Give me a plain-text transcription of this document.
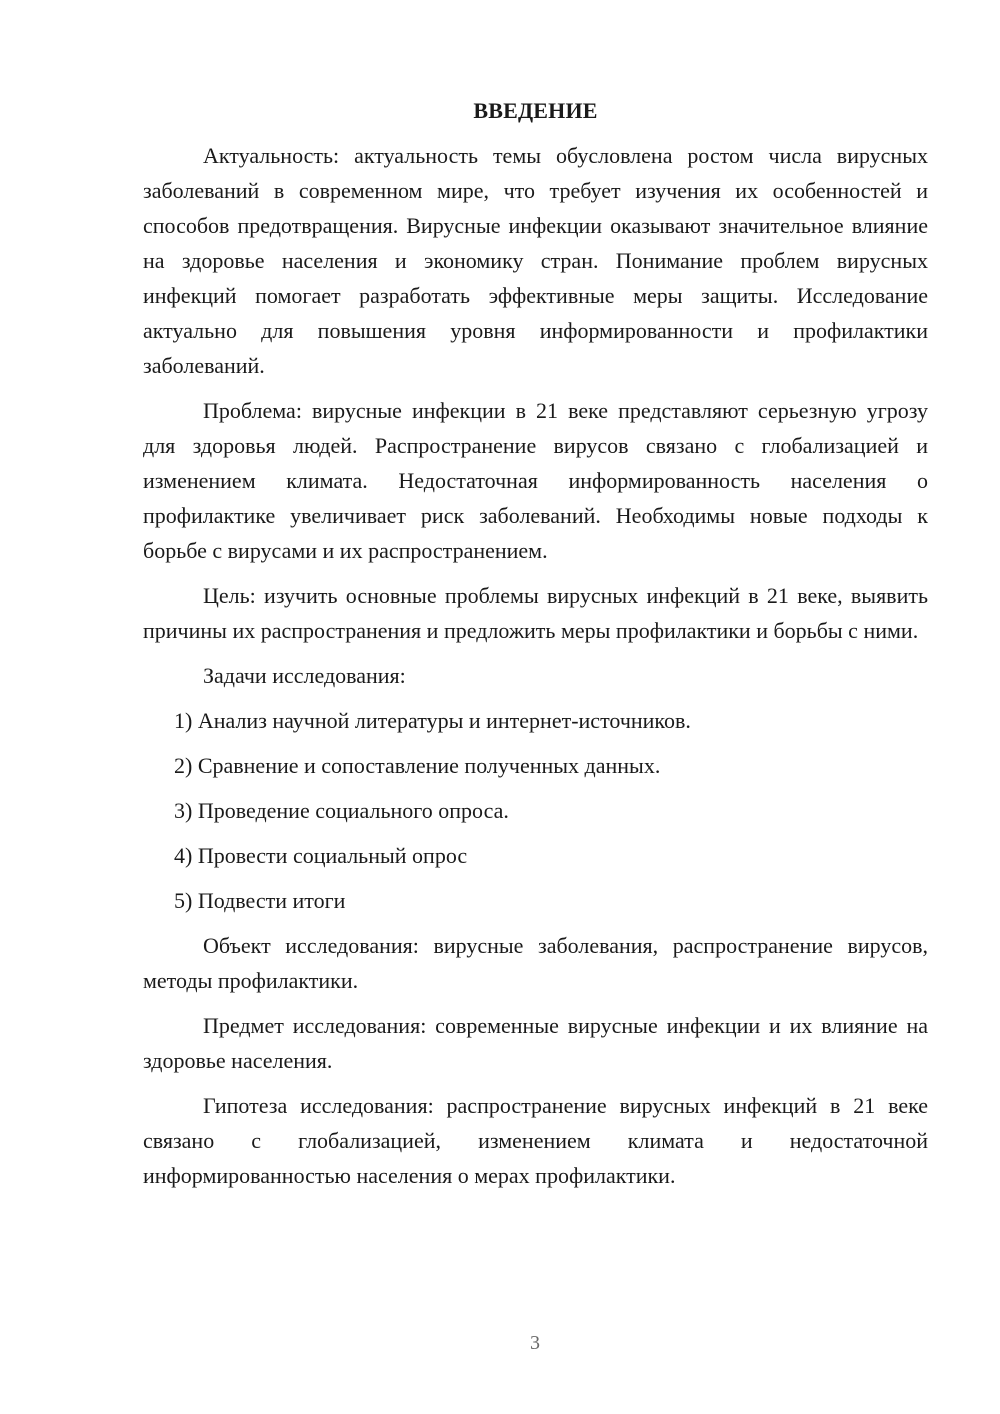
ВВЕДЕНИЕ

Актуальность: актуальность темы обусловлена ростом числа вирусных заболеваний в современном мире, что требует изучения их особенностей и способов предотвращения. Вирусные инфекции оказывают значительное влияние на здоровье населения и экономику стран. Понимание проблем вирусных инфекций помогает разработать эффективные меры защиты. Исследование актуально для повышения уровня информированности и профилактики заболеваний.

Проблема: вирусные инфекции в 21 веке представляют серьезную угрозу для здоровья людей. Распространение вирусов связано с глобализацией и изменением климата. Недостаточная информированность населения о профилактике увеличивает риск заболеваний. Необходимы новые подходы к борьбе с вирусами и их распространением.

Цель: изучить основные проблемы вирусных инфекций в 21 веке, выявить причины их распространения и предложить меры профилактики и борьбы с ними.

Задачи исследования:

1) Анализ научной литературы и интернет-источников.
2) Сравнение и сопоставление полученных данных.
3) Проведение социального опроса.
4) Провести социальный опрос
5) Подвести итоги

Объект исследования: вирусные заболевания, распространение вирусов, методы профилактики.

Предмет исследования: современные вирусные инфекции и их влияние на здоровье населения.

Гипотеза исследования: распространение вирусных инфекций в 21 веке связано с глобализацией, изменением климата и недостаточной информированностью населения о мерах профилактики.

3
